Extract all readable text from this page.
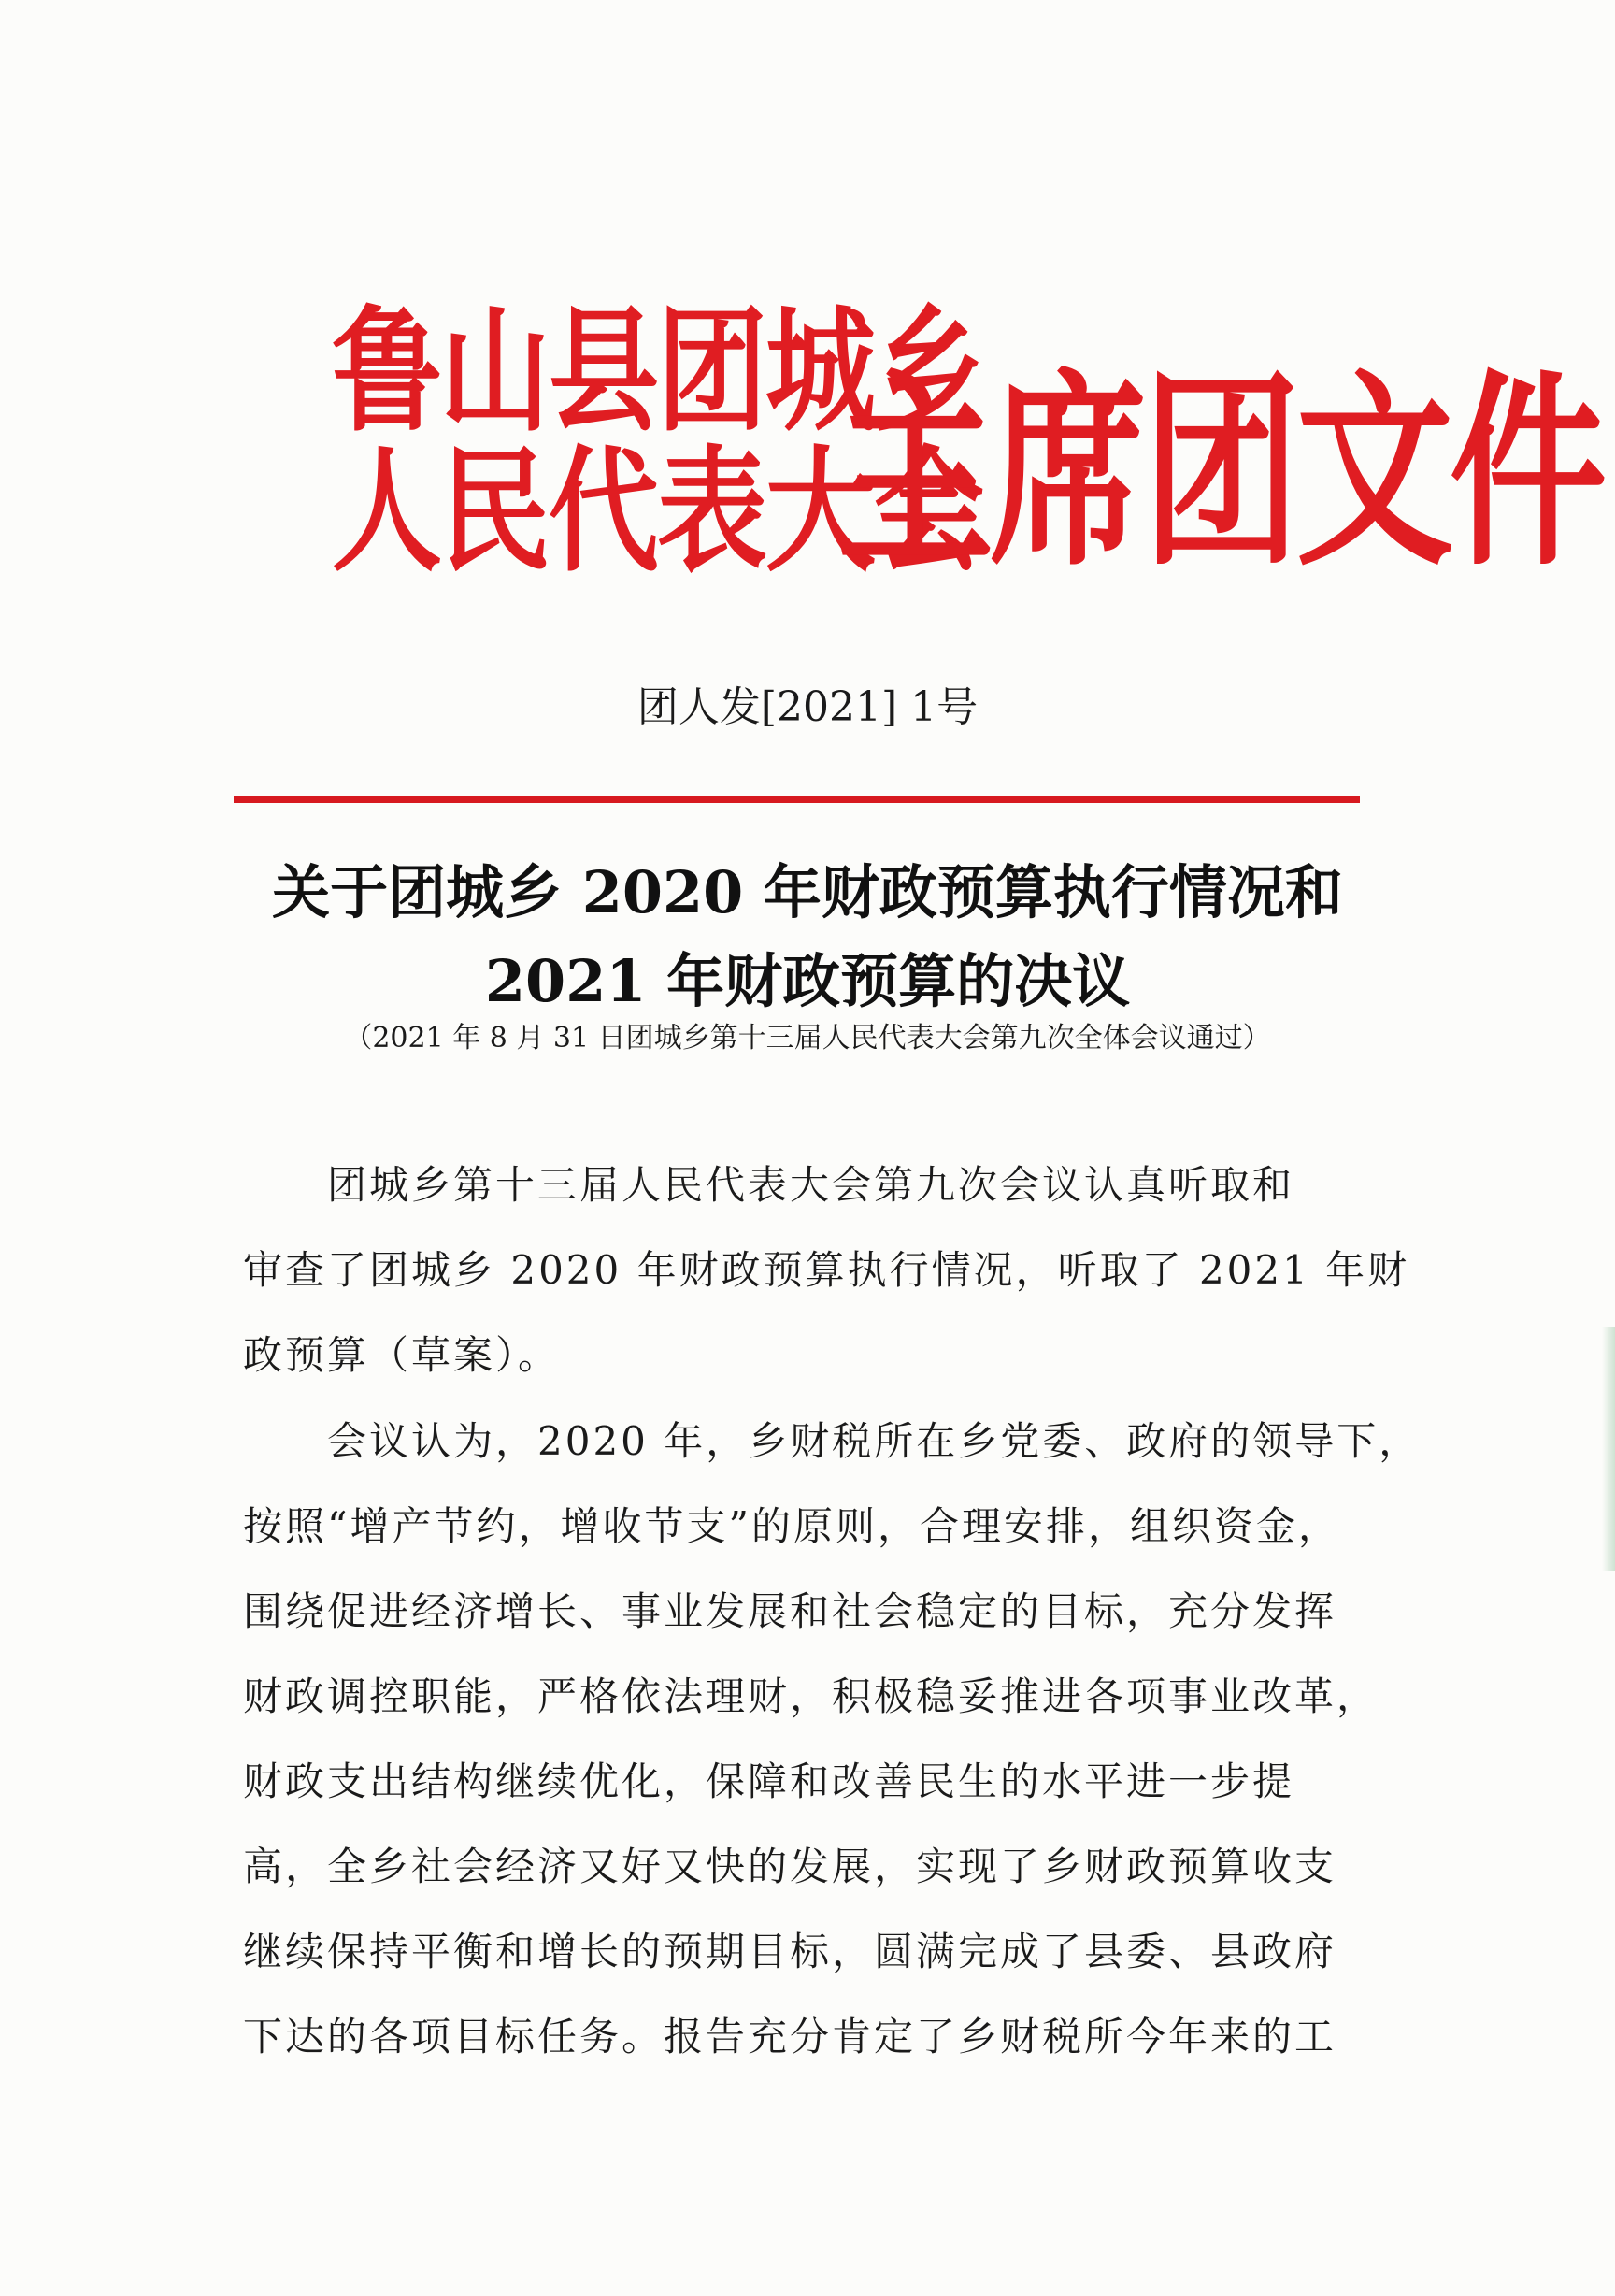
鲁山县团城乡
人民代表大会
主席团文件
团人发[2021] 1号
关于团城乡 2020 年财政预算执行情况和
2021 年财政预算的决议
（2021 年 8 月 31 日团城乡第十三届人民代表大会第九次全体会议通过）
团城乡第十三届人民代表大会第九次会议认真听取和
审查了团城乡 2020 年财政预算执行情况，听取了 2021 年财
政预算（草案）。
会议认为，2020 年，乡财税所在乡党委、政府的领导下，
按照“增产节约，增收节支”的原则，合理安排，组织资金，
围绕促进经济增长、事业发展和社会稳定的目标，充分发挥
财政调控职能，严格依法理财，积极稳妥推进各项事业改革，
财政支出结构继续优化，保障和改善民生的水平进一步提
高，全乡社会经济又好又快的发展，实现了乡财政预算收支
继续保持平衡和增长的预期目标，圆满完成了县委、县政府
下达的各项目标任务。报告充分肯定了乡财税所今年来的工
